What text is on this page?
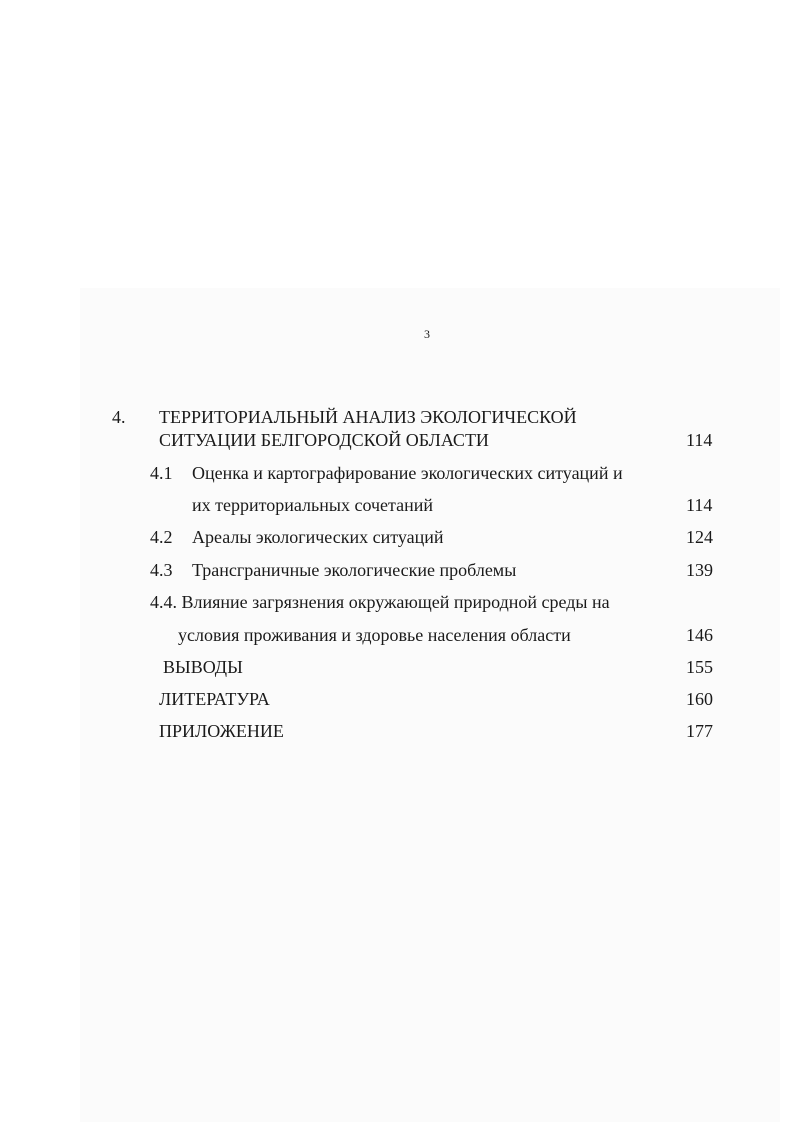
3
4. ТЕРРИТОРИАЛЬНЫЙ АНАЛИЗ ЭКОЛОГИЧЕСКОЙ
СИТУАЦИИ БЕЛГОРОДСКОЙ ОБЛАСТИ	114
4.1 Оценка и картографирование экологических ситуаций и
их территориальных сочетаний	114
4.2 Ареалы экологических ситуаций	124
4.3 Трансграничные экологические проблемы	139
4.4. Влияние загрязнения окружающей природной среды на
условия проживания и здоровье населения области	146
ВЫВОДЫ	155
ЛИТЕРАТУРА	160
ПРИЛОЖЕНИЕ	177
